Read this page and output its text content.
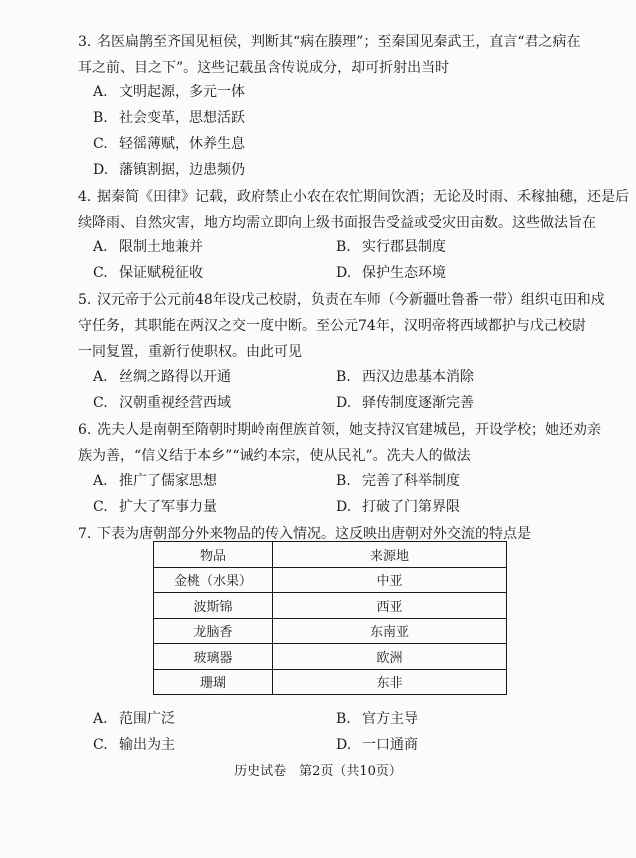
3. 名医扁鹊至齐国见桓侯，判断其“病在腠理”；至秦国见秦武王，直言“君之病在
耳之前、目之下”。这些记载虽含传说成分，却可折射出当时
A. 文明起源，多元一体
B. 社会变革，思想活跃
C. 轻徭薄赋，休养生息
D. 藩镇割据，边患频仍
4. 据秦简《田律》记载，政府禁止小农在农忙期间饮酒；无论及时雨、禾稼抽穗，还是后
续降雨、自然灾害，地方均需立即向上级书面报告受益或受灾田亩数。这些做法旨在
A. 限制土地兼并	B. 实行郡县制度
C. 保证赋税征收	D. 保护生态环境
5. 汉元帝于公元前48年设戊己校尉，负责在车师（今新疆吐鲁番一带）组织屯田和戍
守任务，其职能在两汉之交一度中断。至公元74年，汉明帝将西域都护与戊己校尉
一同复置，重新行使职权。由此可见
A. 丝绸之路得以开通	B. 西汉边患基本消除
C. 汉朝重视经营西域	D. 驿传制度逐渐完善
6. 冼夫人是南朝至隋朝时期岭南俚族首领，她支持汉官建城邑，开设学校；她还劝亲
族为善，“信义结于本乡”“诫约本宗，使从民礼”。冼夫人的做法
A. 推广了儒家思想	B. 完善了科举制度
C. 扩大了军事力量	D. 打破了门第界限
7. 下表为唐朝部分外来物品的传入情况。这反映出唐朝对外交流的特点是
物品	来源地
金桃（水果）	中亚
波斯锦	西亚
龙脑香	东南亚
玻璃器	欧洲
珊瑚	东非
A. 范围广泛	B. 官方主导
C. 输出为主	D. 一口通商
历史试卷　第2页（共10页）
